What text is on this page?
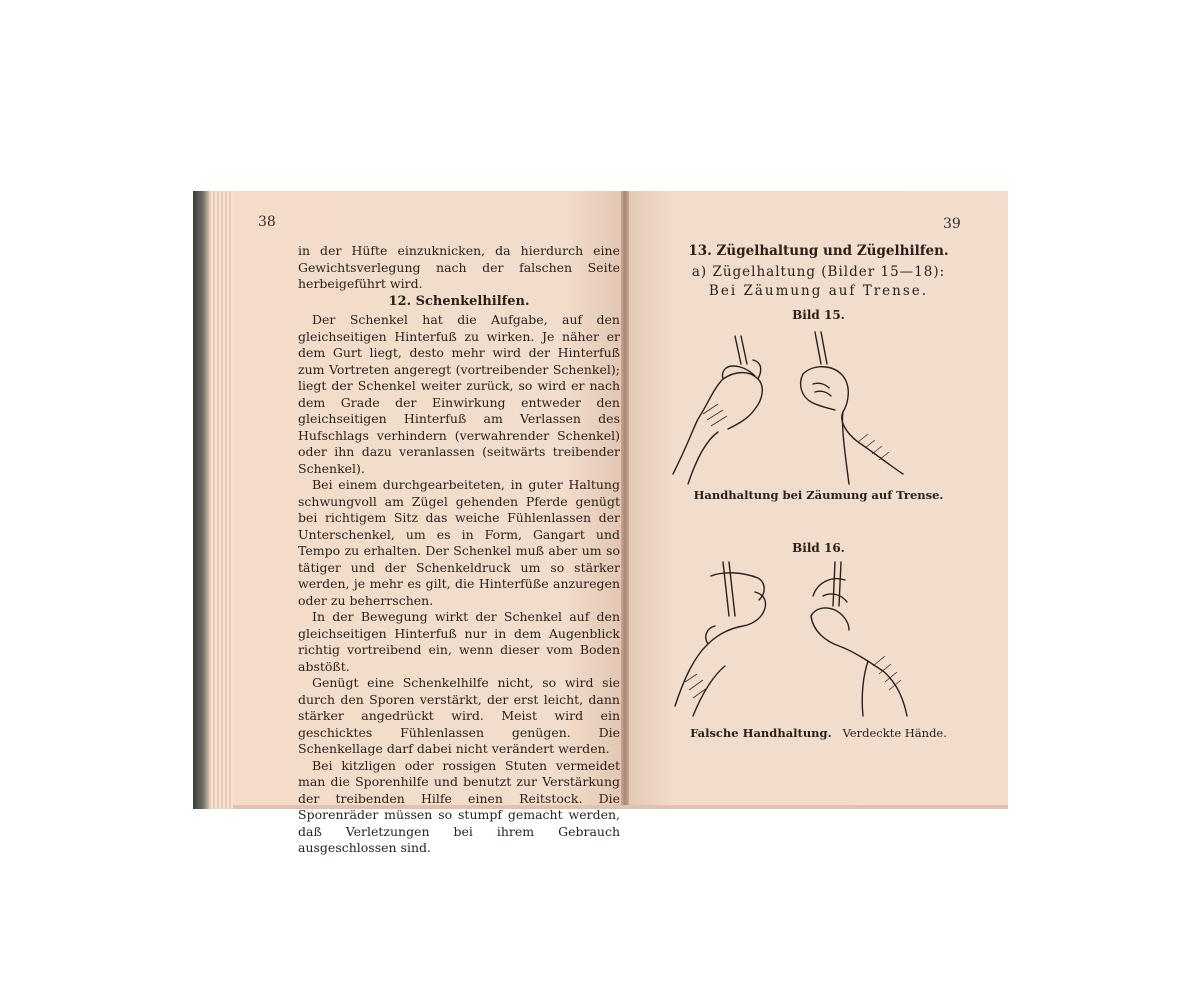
38

in der Hüfte einzuknicken, da hierdurch eine Gewichtsverlegung nach der falschen Seite herbeigeführt wird.

12. Schenkelhilfen.

Der Schenkel hat die Aufgabe, auf den gleichseitigen Hinterfuß zu wirken. Je näher er dem Gurt liegt, desto mehr wird der Hinterfuß zum Vortreten angeregt (vortreibender Schenkel); liegt der Schenkel weiter zurück, so wird er nach dem Grade der Einwirkung entweder den gleichseitigen Hinterfuß am Verlassen des Hufschlags verhindern (verwahrender Schenkel) oder ihn dazu veranlassen (seitwärts treibender Schenkel).

Bei einem durchgearbeiteten, in guter Haltung schwungvoll am Zügel gehenden Pferde genügt bei richtigem Sitz das weiche Fühlenlassen der Unterschenkel, um es in Form, Gangart und Tempo zu erhalten. Der Schenkel muß aber um so tätiger und der Schenkeldruck um so stärker werden, je mehr es gilt, die Hinterfüße anzuregen oder zu beherrschen.

In der Bewegung wirkt der Schenkel auf den gleichseitigen Hinterfuß nur in dem Augenblick richtig vortreibend ein, wenn dieser vom Boden abstößt.

Genügt eine Schenkelhilfe nicht, so wird sie durch den Sporen verstärkt, der erst leicht, dann stärker angedrückt wird. Meist wird ein geschicktes Fühlenlassen genügen. Die Schenkellage darf dabei nicht verändert werden.

Bei kitzligen oder rossigen Stuten vermeidet man die Sporenhilfe und benutzt zur Verstärkung der treibenden Hilfe einen Reitstock. Die Sporenräder müssen so stumpf gemacht werden, daß Verletzungen bei ihrem Gebrauch ausgeschlossen sind.

39
13. Zügelhaltung und Zügelhilfen.
a) Zügelhaltung (Bilder 15—18):
Bei Zäumung auf Trense.
Bild 15.
Handhaltung bei Zäumung auf Trense.
Bild 16.
Falsche Handhaltung. Verdeckte Hände.
